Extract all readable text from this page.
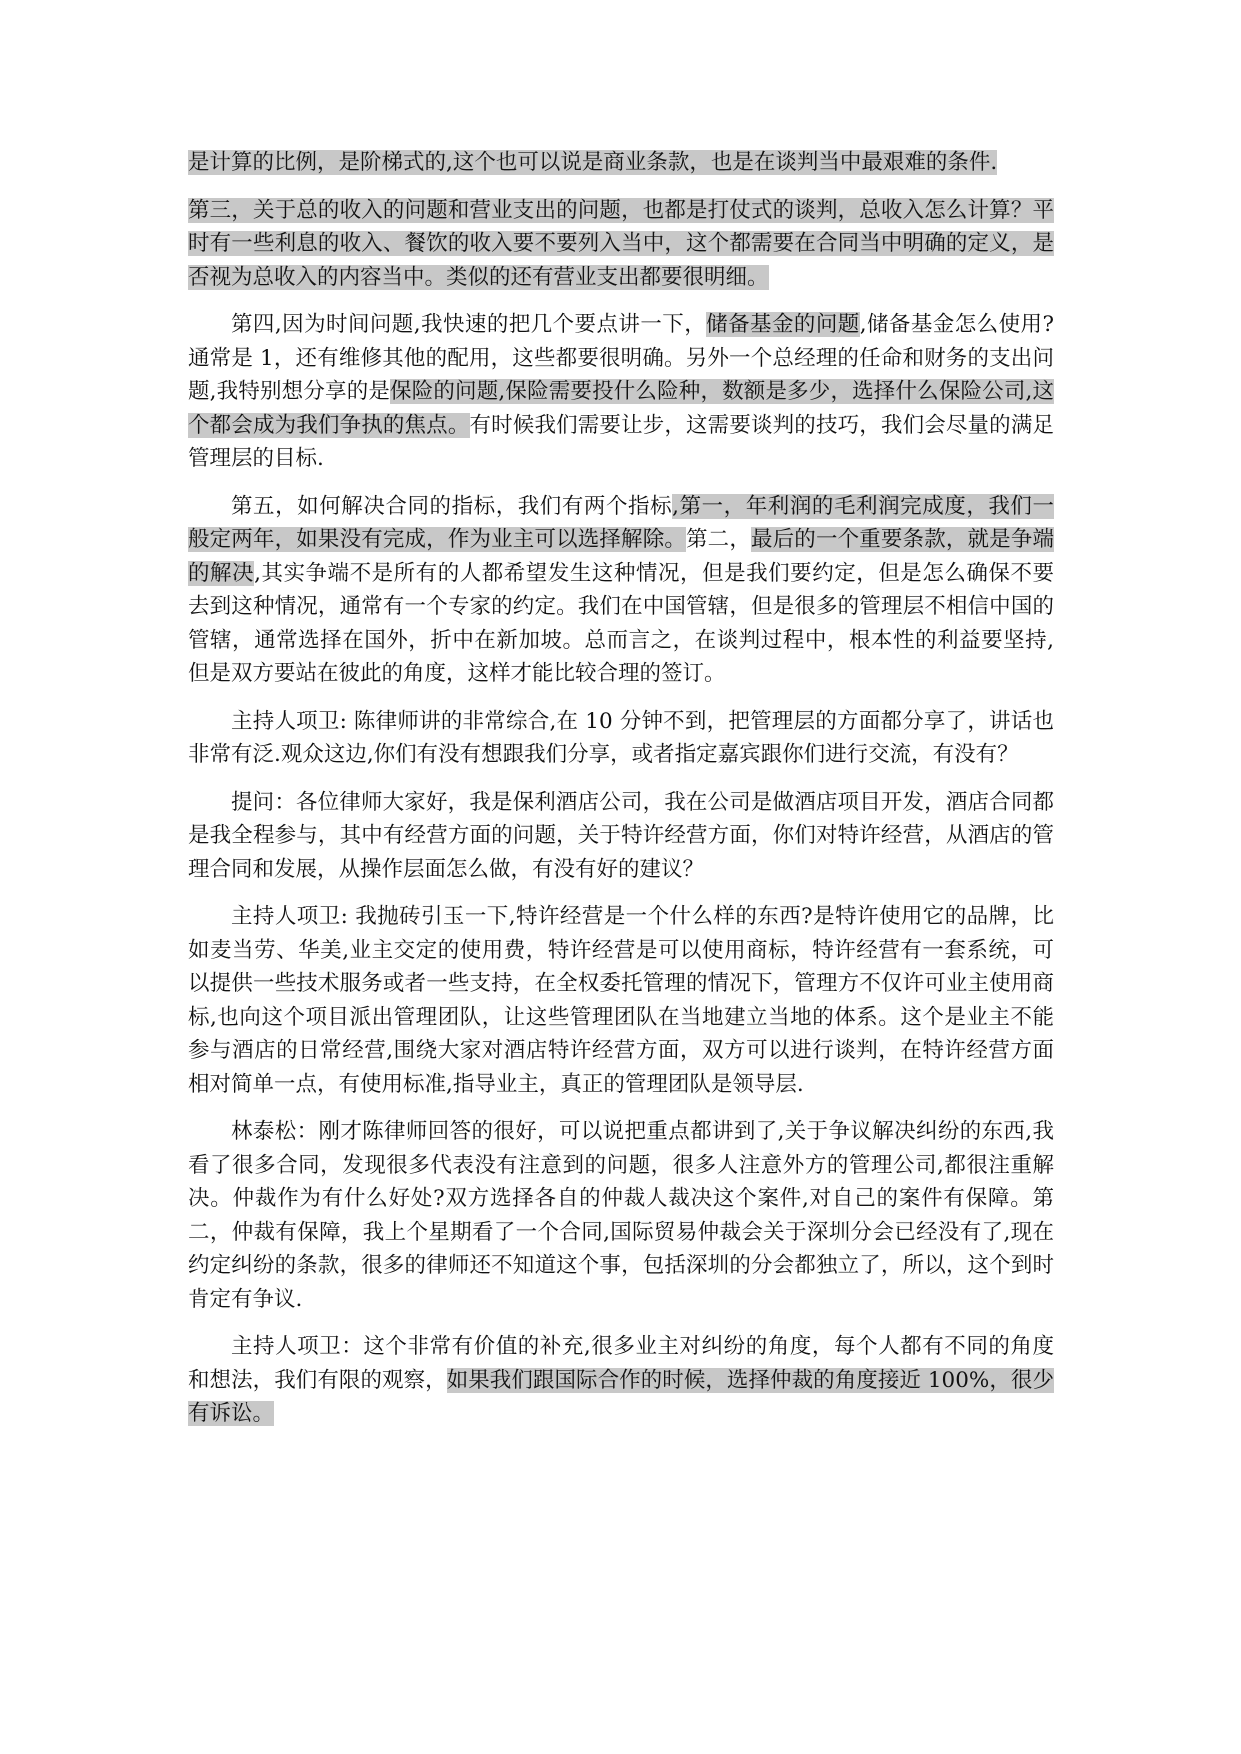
是计算的比例，是阶梯式的,这个也可以说是商业条款，也是在谈判当中最艰难的条件.

第三，关于总的收入的问题和营业支出的问题，也都是打仗式的谈判，总收入怎么计算？平时有一些利息的收入、餐饮的收入要不要列入当中，这个都需要在合同当中明确的定义，是否视为总收入的内容当中。类似的还有营业支出都要很明细。

第四,因为时间问题,我快速的把几个要点讲一下，储备基金的问题,储备基金怎么使用?通常是 1，还有维修其他的配用，这些都要很明确。另外一个总经理的任命和财务的支出问题,我特别想分享的是保险的问题,保险需要投什么险种，数额是多少，选择什么保险公司,这个都会成为我们争执的焦点。有时候我们需要让步，这需要谈判的技巧，我们会尽量的满足管理层的目标.

第五，如何解决合同的指标，我们有两个指标,第一，年利润的毛利润完成度，我们一般定两年，如果没有完成，作为业主可以选择解除。第二，最后的一个重要条款，就是争端的解决,其实争端不是所有的人都希望发生这种情况，但是我们要约定，但是怎么确保不要去到这种情况，通常有一个专家的约定。我们在中国管辖，但是很多的管理层不相信中国的管辖，通常选择在国外，折中在新加坡。总而言之，在谈判过程中，根本性的利益要坚持,但是双方要站在彼此的角度，这样才能比较合理的签订。

主持人项卫: 陈律师讲的非常综合,在 10 分钟不到，把管理层的方面都分享了，讲话也非常有泛.观众这边,你们有没有想跟我们分享，或者指定嘉宾跟你们进行交流，有没有？

提问：各位律师大家好，我是保利酒店公司，我在公司是做酒店项目开发，酒店合同都是我全程参与，其中有经营方面的问题，关于特许经营方面，你们对特许经营，从酒店的管理合同和发展，从操作层面怎么做，有没有好的建议？

主持人项卫: 我抛砖引玉一下,特许经营是一个什么样的东西?是特许使用它的品牌，比如麦当劳、华美,业主交定的使用费，特许经营是可以使用商标，特许经营有一套系统，可以提供一些技术服务或者一些支持，在全权委托管理的情况下，管理方不仅许可业主使用商标,也向这个项目派出管理团队，让这些管理团队在当地建立当地的体系。这个是业主不能参与酒店的日常经营,围绕大家对酒店特许经营方面，双方可以进行谈判，在特许经营方面相对简单一点，有使用标准,指导业主，真正的管理团队是领导层.

林泰松：刚才陈律师回答的很好，可以说把重点都讲到了,关于争议解决纠纷的东西,我看了很多合同，发现很多代表没有注意到的问题，很多人注意外方的管理公司,都很注重解决。仲裁作为有什么好处?双方选择各自的仲裁人裁决这个案件,对自己的案件有保障。第二，仲裁有保障，我上个星期看了一个合同,国际贸易仲裁会关于深圳分会已经没有了,现在约定纠纷的条款，很多的律师还不知道这个事，包括深圳的分会都独立了，所以，这个到时肯定有争议.

主持人项卫：这个非常有价值的补充,很多业主对纠纷的角度，每个人都有不同的角度和想法，我们有限的观察，如果我们跟国际合作的时候，选择仲裁的角度接近 100%，很少有诉讼。
